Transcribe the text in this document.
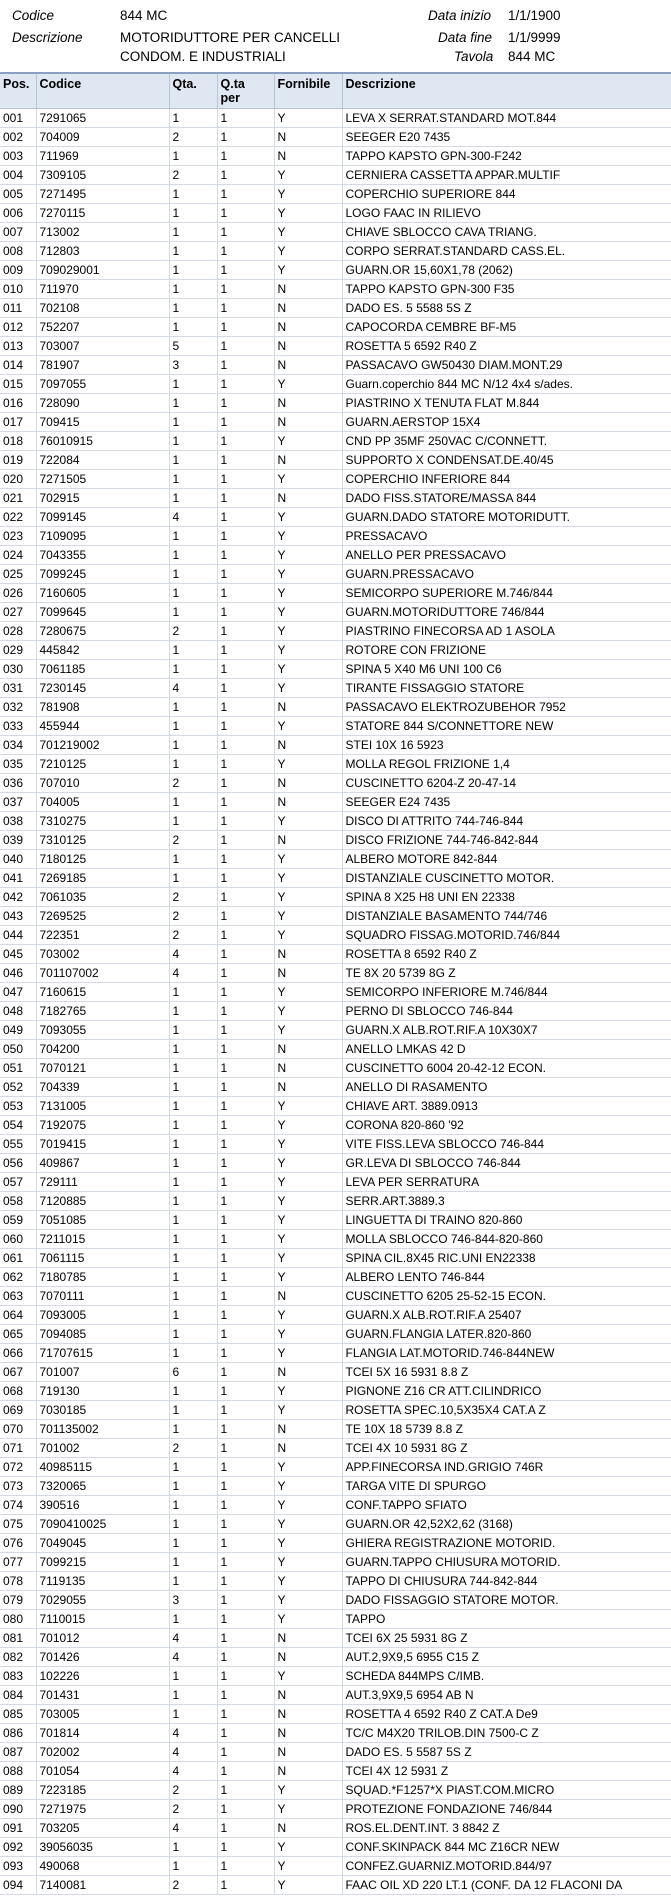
Codice	844 MC
Descrizione	MOTORIDUTTORE PER CANCELLI
CONDOM. E INDUSTRIALI
Data inizio 1/1/1900
Data fine 1/1/9999
Tavola 844 MC
Pos.	Codice	Qta.	Q.ta
per	Fornibile	Descrizione
001	7291065	1	1	Y	LEVA X SERRAT.STANDARD MOT.844
002	704009	2	1	N	SEEGER E20 7435
003	711969	1	1	N	TAPPO KAPSTO GPN-300-F242
004	7309105	2	1	Y	CERNIERA CASSETTA APPAR.MULTIF
005	7271495	1	1	Y	COPERCHIO SUPERIORE 844
006	7270115	1	1	Y	LOGO FAAC IN RILIEVO
007	713002	1	1	Y	CHIAVE SBLOCCO CAVA TRIANG.
008	712803	1	1	Y	CORPO SERRAT.STANDARD CASS.EL.
009	709029001	1	1	Y	GUARN.OR 15,60X1,78 (2062)
010	711970	1	1	N	TAPPO KAPSTO GPN-300 F35
011	702108	1	1	N	DADO ES. 5 5588 5S Z
012	752207	1	1	N	CAPOCORDA CEMBRE BF-M5
013	703007	5	1	N	ROSETTA 5 6592 R40 Z
014	781907	3	1	N	PASSACAVO GW50430 DIAM.MONT.29
015	7097055	1	1	Y	Guarn.coperchio 844 MC N/12 4x4 s/ades.
016	728090	1	1	N	PIASTRINO X TENUTA FLAT M.844
017	709415	1	1	N	GUARN.AERSTOP 15X4
018	76010915	1	1	Y	CND PP 35MF 250VAC C/CONNETT.
019	722084	1	1	N	SUPPORTO X CONDENSAT.DE.40/45
020	7271505	1	1	Y	COPERCHIO INFERIORE 844
021	702915	1	1	N	DADO FISS.STATORE/MASSA 844
022	7099145	4	1	Y	GUARN.DADO STATORE MOTORIDUTT.
023	7109095	1	1	Y	PRESSACAVO
024	7043355	1	1	Y	ANELLO PER PRESSACAVO
025	7099245	1	1	Y	GUARN.PRESSACAVO
026	7160605	1	1	Y	SEMICORPO SUPERIORE M.746/844
027	7099645	1	1	Y	GUARN.MOTORIDUTTORE 746/844
028	7280675	2	1	Y	PIASTRINO FINECORSA AD 1 ASOLA
029	445842	1	1	Y	ROTORE CON FRIZIONE
030	7061185	1	1	Y	SPINA 5 X40 M6 UNI 100 C6
031	7230145	4	1	Y	TIRANTE FISSAGGIO STATORE
032	781908	1	1	N	PASSACAVO ELEKTROZUBEHOR 7952
033	455944	1	1	Y	STATORE 844 S/CONNETTORE NEW
034	701219002	1	1	N	STEI 10X 16 5923
035	7210125	1	1	Y	MOLLA REGOL FRIZIONE 1,4
036	707010	2	1	N	CUSCINETTO 6204-Z 20-47-14
037	704005	1	1	N	SEEGER E24 7435
038	7310275	1	1	Y	DISCO DI ATTRITO 744-746-844
039	7310125	2	1	N	DISCO FRIZIONE 744-746-842-844
040	7180125	1	1	Y	ALBERO MOTORE 842-844
041	7269185	1	1	Y	DISTANZIALE CUSCINETTO MOTOR.
042	7061035	2	1	Y	SPINA 8 X25 H8 UNI EN 22338
043	7269525	2	1	Y	DISTANZIALE BASAMENTO 744/746
044	722351	2	1	Y	SQUADRO FISSAG.MOTORID.746/844
045	703002	4	1	N	ROSETTA 8 6592 R40 Z
046	701107002	4	1	N	TE 8X 20 5739 8G Z
047	7160615	1	1	Y	SEMICORPO INFERIORE M.746/844
048	7182765	1	1	Y	PERNO DI SBLOCCO 746-844
049	7093055	1	1	Y	GUARN.X ALB.ROT.RIF.A 10X30X7
050	704200	1	1	N	ANELLO LMKAS 42 D
051	7070121	1	1	N	CUSCINETTO 6004 20-42-12 ECON.
052	704339	1	1	N	ANELLO DI RASAMENTO
053	7131005	1	1	Y	CHIAVE ART. 3889.0913
054	7192075	1	1	Y	CORONA 820-860 '92
055	7019415	1	1	Y	VITE FISS.LEVA SBLOCCO 746-844
056	409867	1	1	Y	GR.LEVA DI SBLOCCO 746-844
057	729111	1	1	Y	LEVA PER SERRATURA
058	7120885	1	1	Y	SERR.ART.3889.3
059	7051085	1	1	Y	LINGUETTA DI TRAINO 820-860
060	7211015	1	1	Y	MOLLA SBLOCCO 746-844-820-860
061	7061115	1	1	Y	SPINA CIL.8X45 RIC.UNI EN22338
062	7180785	1	1	Y	ALBERO LENTO 746-844
063	7070111	1	1	N	CUSCINETTO 6205 25-52-15 ECON.
064	7093005	1	1	Y	GUARN.X ALB.ROT.RIF.A 25407
065	7094085	1	1	Y	GUARN.FLANGIA LATER.820-860
066	71707615	1	1	Y	FLANGIA LAT.MOTORID.746-844NEW
067	701007	6	1	N	TCEI 5X 16 5931 8.8 Z
068	719130	1	1	Y	PIGNONE Z16 CR ATT.CILINDRICO
069	7030185	1	1	Y	ROSETTA SPEC.10,5X35X4 CAT.A Z
070	701135002	1	1	N	TE 10X 18 5739 8.8 Z
071	701002	2	1	N	TCEI 4X 10 5931 8G Z
072	40985115	1	1	Y	APP.FINECORSA IND.GRIGIO 746R
073	7320065	1	1	Y	TARGA VITE DI SPURGO
074	390516	1	1	Y	CONF.TAPPO SFIATO
075	7090410025	1	1	Y	GUARN.OR 42,52X2,62 (3168)
076	7049045	1	1	Y	GHIERA REGISTRAZIONE MOTORID.
077	7099215	1	1	Y	GUARN.TAPPO CHIUSURA MOTORID.
078	7119135	1	1	Y	TAPPO DI CHIUSURA 744-842-844
079	7029055	3	1	Y	DADO FISSAGGIO STATORE MOTOR.
080	7110015	1	1	Y	TAPPO
081	701012	4	1	N	TCEI 6X 25 5931 8G Z
082	701426	4	1	N	AUT.2,9X9,5 6955 C15 Z
083	102226	1	1	Y	SCHEDA 844MPS C/IMB.
084	701431	1	1	N	AUT.3,9X9,5 6954 AB N
085	703005	1	1	N	ROSETTA 4 6592 R40 Z CAT.A De9
086	701814	4	1	N	TC/C M4X20 TRILOB.DIN 7500-C Z
087	702002	4	1	N	DADO ES. 5 5587 5S Z
088	701054	4	1	N	TCEI 4X 12 5931 Z
089	7223185	2	1	Y	SQUAD.*F1257*X PIAST.COM.MICRO
090	7271975	2	1	Y	PROTEZIONE FONDAZIONE 746/844
091	703205	4	1	N	ROS.EL.DENT.INT. 3 8842 Z
092	39056035	1	1	Y	CONF.SKINPACK 844 MC Z16CR NEW
093	490068	1	1	Y	CONFEZ.GUARNIZ.MOTORID.844/97
094	7140081	2	1	Y	FAAC OIL XD 220 LT.1 (CONF. DA 12 FLACONI DA
